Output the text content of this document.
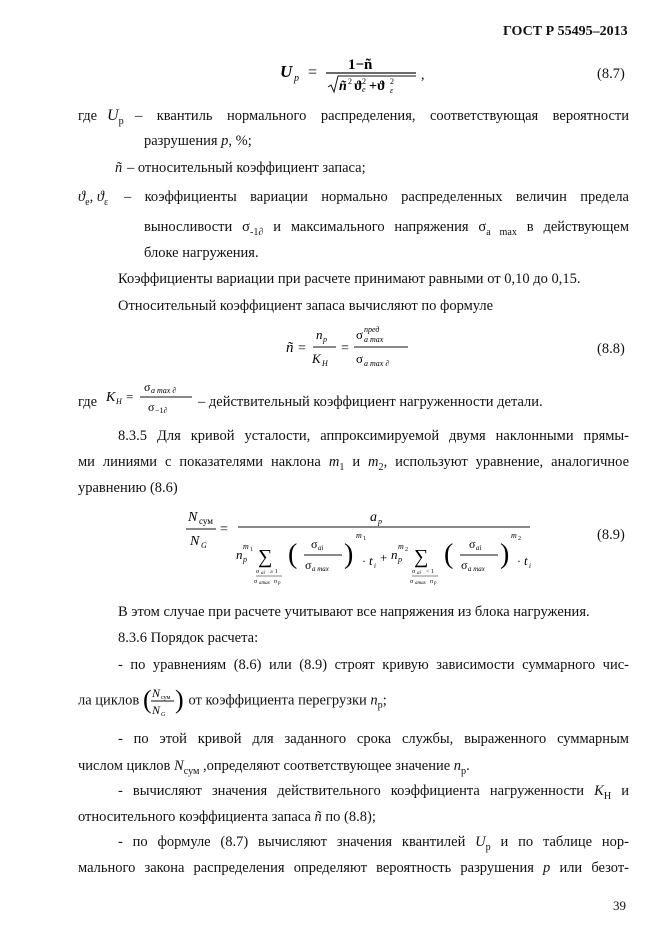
ГОСТ Р 55495–2013
U p = 1−ñ
ñ 2 ϑ e
2 +ϑ ε
2 ,	(8.7)
где $U_p$ – квантиль нормального распределения, соответствующая вероятности
разрушения p, %;
ñ – относительный коэффициент запаса;
$ϑ_e$, $ϑ_\varepsilon$ – коэффициенты вариации нормально распределенных величин предела
выносливости $\sigma_{-1\partial}$ и максимального напряжения $\sigma_{a max}$ в действующем
блоке нагружения.
Коэффициенты вариации при расчете принимают равными от 0,10 до 0,15.
Относительный коэффициент запаса вычисляют по формуле
ñ =
n p
K H
=
σ a max
пред
σ a max ∂
(8.8)
где K H =
σ a max ∂
σ −1∂
– действительный коэффициент нагруженности детали.
8.3.5 Для кривой усталости, аппроксимируемой двумя наклонными прямы-
ми линиями с показателями наклона $m_1$ и $m_2$, используют уравнение, аналогичное
уравнению (8.6)
N сум
N G
=
a p
n p
m 1 ∑
σ ai ≥ 1
σ amax n p
( σ ai
σ a max )
m 1
· t i
+ n p
m 2 ∑
σ ai < 1
σ amax n p
( σ ai
σ a max )
m 2
· t i
(8.9)
В этом случае при расчете учитывают все напряжения из блока нагружения.
8.3.6 Порядок расчета:
- по уравнениям (8.6) или (8.9) строят кривую зависимости суммарного чис-
ла циклов ( N сум
N G
) от коэффициента перегрузки $n_p$;
- по этой кривой для заданного срока службы, выраженного суммарным
числом циклов $N_{сум}$ ,определяют соответствующее значение $n_p$.
- вычисляют значения действительного коэффициента нагруженности $K_H$ и
относительного коэффициента запаса ñ по (8.8);
- по формуле (8.7) вычисляют значения квантилей $U_p$ и по таблице нор-
мального закона распределения определяют вероятность разрушения p или безот-
39
